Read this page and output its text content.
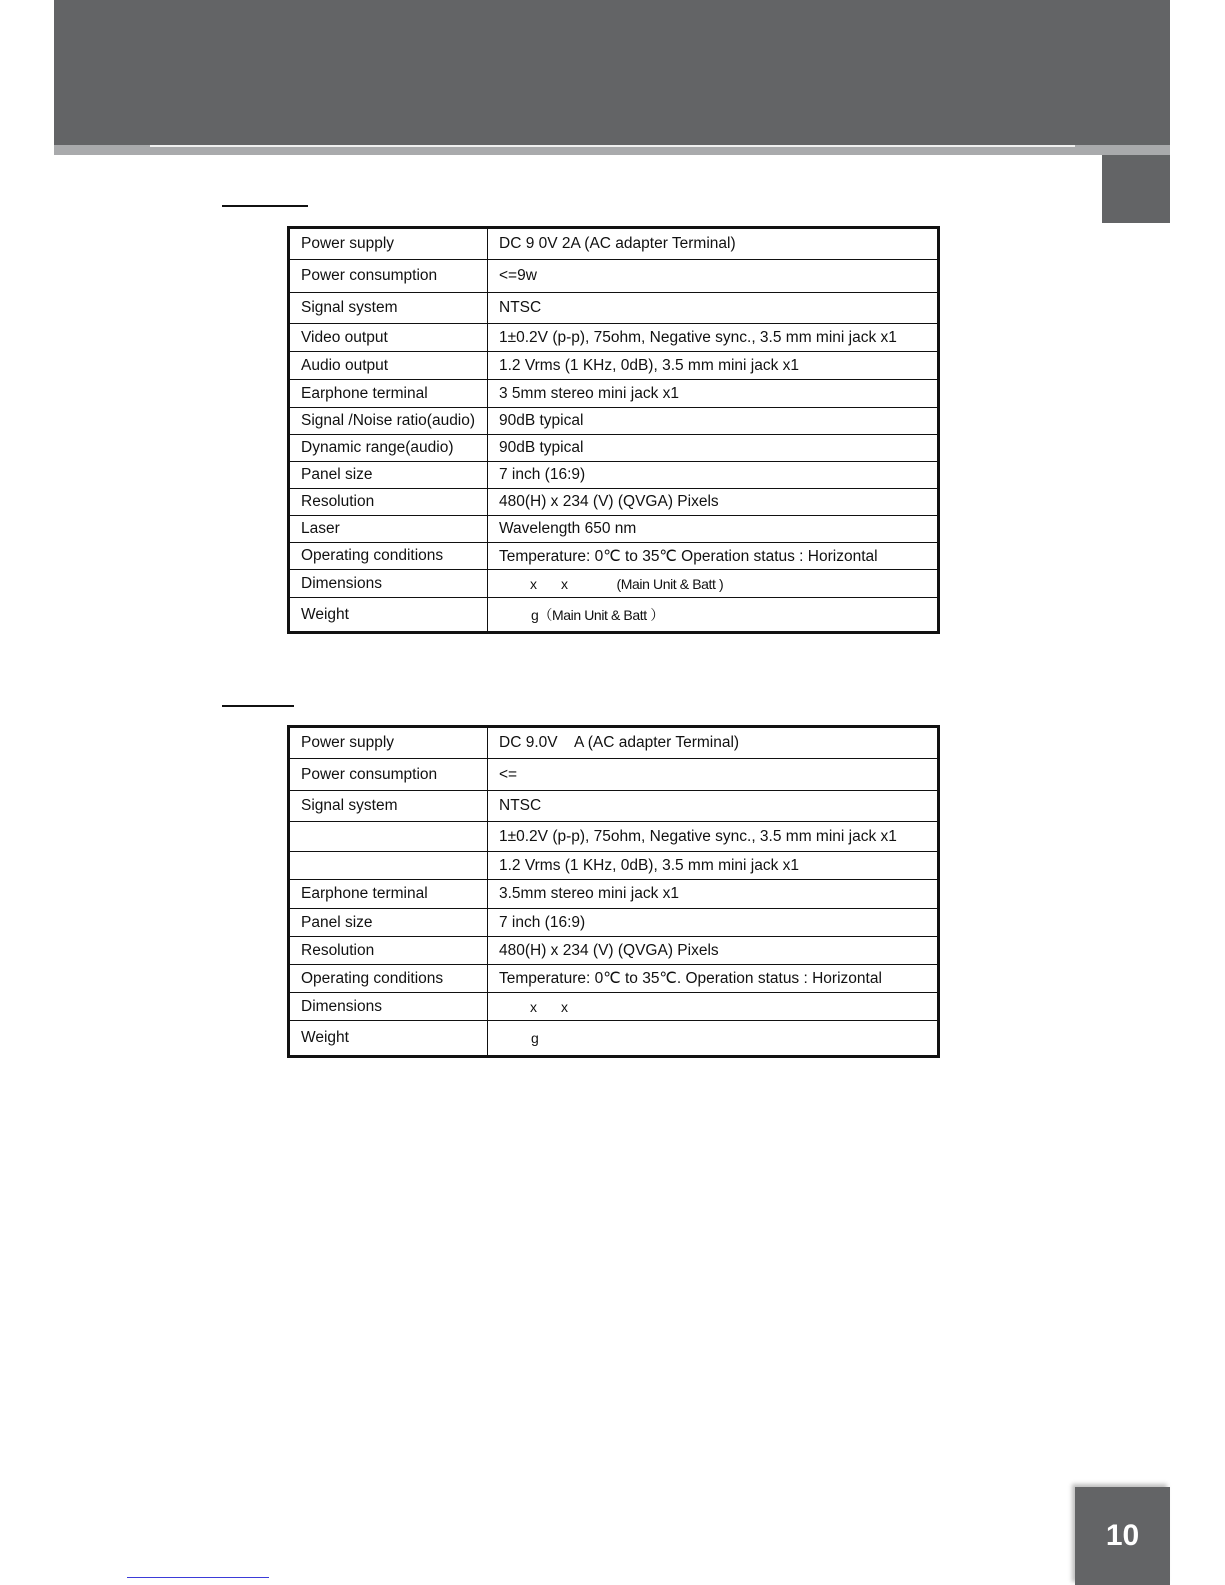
Power supply	DC 9 0V 2A (AC adapter Terminal)
Power consumption	<=9w
Signal system	NTSC
Video output	1±0.2V (p-p), 75ohm, Negative sync., 3.5 mm mini jack x1
Audio output	1.2 Vrms (1 KHz, 0dB), 3.5 mm mini jack x1
Earphone terminal	3 5mm stereo mini jack x1
Signal /Noise ratio(audio)	90dB typical
Dynamic range(audio)	90dB typical
Panel size	7 inch (16:9)
Resolution	480(H) x 234 (V) (QVGA) Pixels
Laser	Wavelength 650 nm
Operating conditions	Temperature: 0℃ to 35℃ Operation status : Horizontal
Dimensions	x       x              (Main Unit & Batt )
Weight	g（Main Unit & Batt ）
Power supply	DC 9.0V    A (AC adapter Terminal)
Power consumption	<=
Signal system	NTSC
	1±0.2V (p-p), 75ohm, Negative sync., 3.5 mm mini jack x1
	1.2 Vrms (1 KHz, 0dB), 3.5 mm mini jack x1
Earphone terminal	3.5mm stereo mini jack x1
Panel size	7 inch (16:9)
Resolution	480(H) x 234 (V) (QVGA) Pixels
Operating conditions	Temperature: 0℃ to 35℃. Operation status : Horizontal
Dimensions	x       x
Weight	g
10
